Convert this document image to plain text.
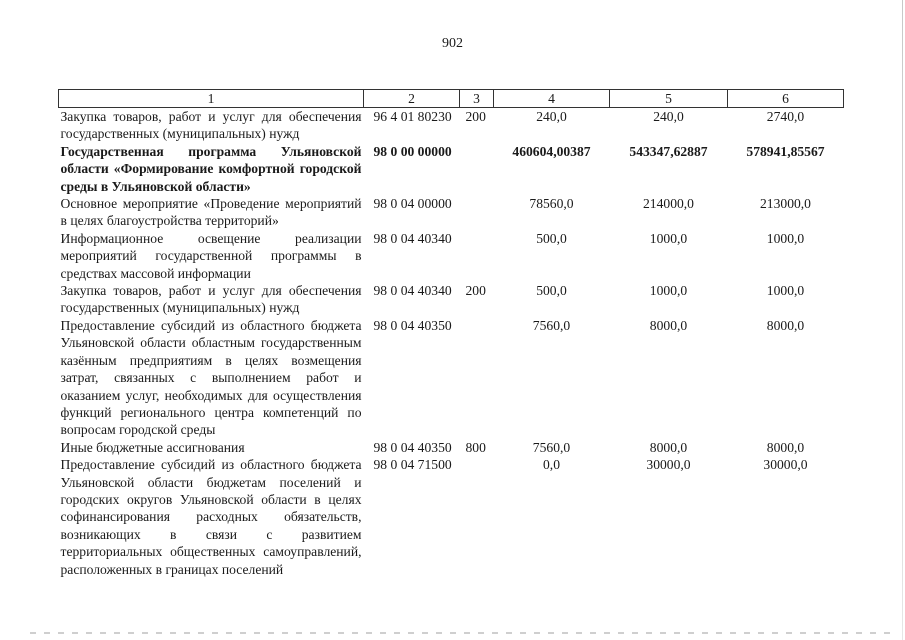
902
1	2	3	4	5	6
Закупка товаров, работ и услуг для обеспечения государственных (муниципальных) нужд	96 4 01 80230	200	240,0	240,0	2740,0
Государственная программа Ульяновской области «Формирование комфортной городской среды в Ульяновской области»	98 0 00 00000		460604,00387	543347,62887	578941,85567
Основное мероприятие «Проведение мероприятий в целях благоустройства территорий»	98 0 04 00000		78560,0	214000,0	213000,0
Информационное освещение реализации мероприятий государственной программы в средствах массовой информации	98 0 04 40340		500,0	1000,0	1000,0
Закупка товаров, работ и услуг для обеспечения государственных (муниципальных) нужд	98 0 04 40340	200	500,0	1000,0	1000,0
Предоставление субсидий из областного бюджета Ульяновской области областным государственным казённым предприятиям в целях возмещения затрат, связанных с выполнением работ и оказанием услуг, необходимых для осуществления функций регионального центра компетенций по вопросам городской среды	98 0 04 40350		7560,0	8000,0	8000,0
Иные бюджетные ассигнования	98 0 04 40350	800	7560,0	8000,0	8000,0
Предоставление субсидий из областного бюджета Ульяновской области бюджетам поселений и городских округов Ульяновской области в целях софинансирования расходных обязательств, возникающих в связи с развитием территориальных общественных самоуправлений, расположенных в границах поселений	98 0 04 71500		0,0	30000,0	30000,0
